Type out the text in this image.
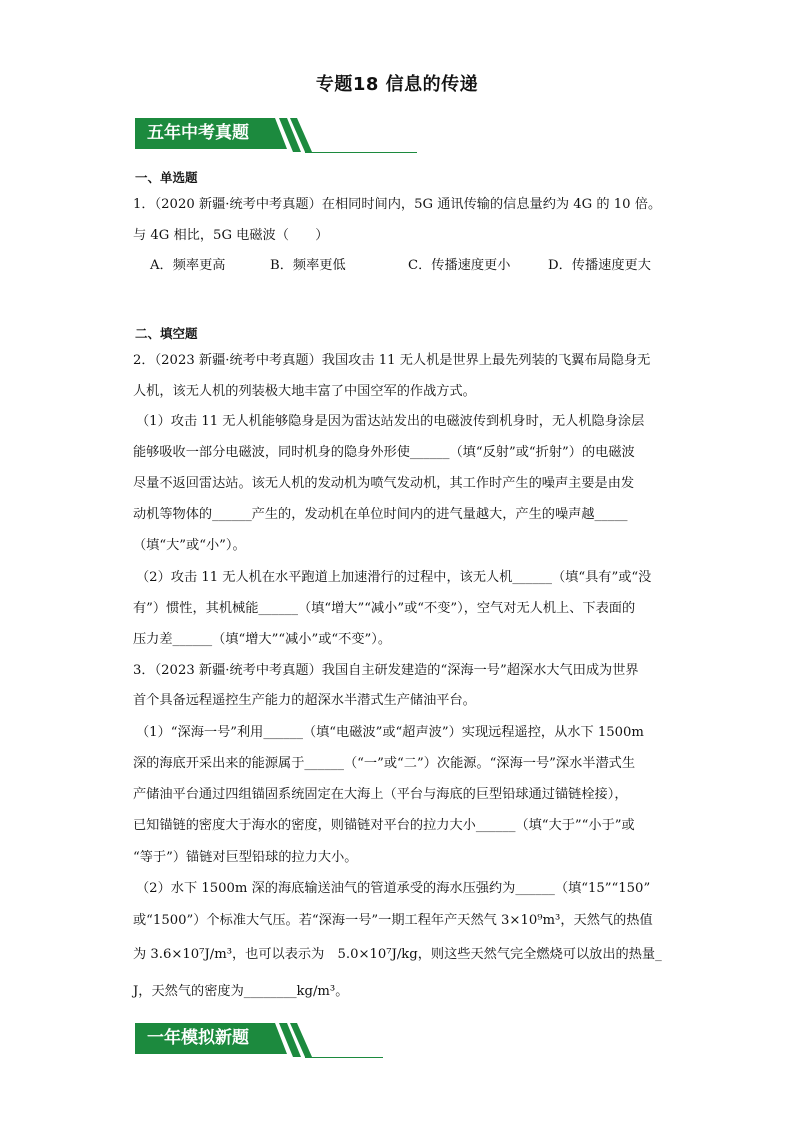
专题18 信息的传递
五年中考真题
一、单选题
1．（2020 新疆·统考中考真题）在相同时间内，5G 通讯传输的信息量约为 4G 的 10 倍。
与 4G 相比，5G 电磁波（　　）
A．频率更高	B．频率更低	C．传播速度更小	D．传播速度更大
二、填空题
2．（2023 新疆·统考中考真题）我国攻击 11 无人机是世界上最先列装的飞翼布局隐身无
人机，该无人机的列装极大地丰富了中国空军的作战方式。
（1）攻击 11 无人机能够隐身是因为雷达站发出的电磁波传到机身时，无人机隐身涂层
能够吸收一部分电磁波，同时机身的隐身外形使______（填“反射”或“折射”）的电磁波
尽量不返回雷达站。该无人机的发动机为喷气发动机，其工作时产生的噪声主要是由发
动机等物体的______产生的，发动机在单位时间内的进气量越大，产生的噪声越_____
（填“大”或“小”）。
（2）攻击 11 无人机在水平跑道上加速滑行的过程中，该无人机______（填“具有”或“没
有”）惯性，其机械能______（填“增大”“减小”或“不变”），空气对无人机上、下表面的
压力差______（填“增大”“减小”或“不变”）。
3．（2023 新疆·统考中考真题）我国自主研发建造的“深海一号”超深水大气田成为世界
首个具备远程遥控生产能力的超深水半潜式生产储油平台。
（1）“深海一号”利用______（填“电磁波”或“超声波”）实现远程遥控，从水下 1500m
深的海底开采出来的能源属于______（“一”或“二”）次能源。“深海一号”深水半潜式生
产储油平台通过四组锚固系统固定在大海上（平台与海底的巨型铅球通过锚链栓接），
已知锚链的密度大于海水的密度，则锚链对平台的拉力大小______（填“大于”“小于”或
“等于”）锚链对巨型铅球的拉力大小。
（2）水下 1500m 深的海底输送油气的管道承受的海水压强约为______（填“15”“150”
或“1500”）个标准大气压。若“深海一号”一期工程年产天然气 3×10⁹m³，天然气的热值
为 3.6×10⁷J/m³，也可以表示为　5.0×10⁷J/kg，则这些天然气完全燃烧可以放出的热量_
J，天然气的密度为________kg/m³。
一年模拟新题
